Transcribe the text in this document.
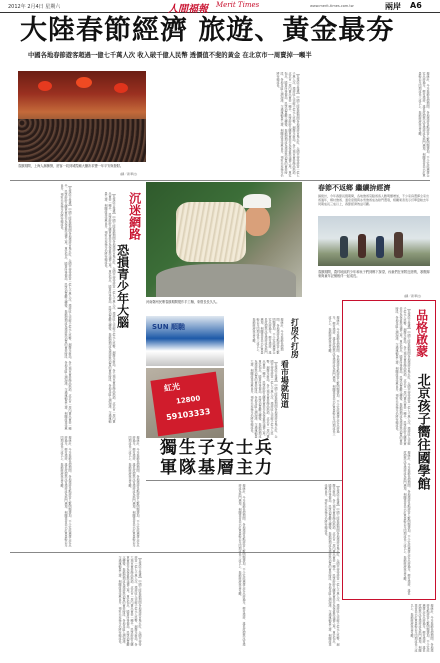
2012年 2月4日 星期六	人間福報 Merit Times	www.merit-times.com.tw	兩岸 A6
大陸春節經濟 旅遊、黃金最夯
中國各地春節遊客超過一億七千萬人次 收入破千億人民幣 透價值不斐的黃金 在北京市一周賣掉一噸半
春節期間，上海人潮擁擠，遊客一同到城隍廟大廳祈求豐一年平安與發財。
(翻／新華社)	【本報綜合報導】中國大陸春節期間各地旅遊市場火紅，全國共接待遊客一億七千萬人次，旅遊收入突破千億元人民幣，創歷年新高。各大城市黃金飾品熱銷，北京市一周內賣出黃金一噸半，民眾紛紛以購買黃金作為保值與送禮之用。專家指出，隨著所得提高，民眾消費觀念轉變，春節假期成為旅遊與消費的黃金時段，各地景區人潮洶湧，交通運輸量大增，相關產業受惠良多，預料未來幾年仍將持續成長。	據統計，今年春節長假期間，各地旅遊景點遊客人數明顯增加，不少家庭選擇全家出遊過年，鄉村旅遊、溫泉度假與冰雪旅遊成為熱門選項，相關業者表示訂單量較去年同期成長三成以上，春節經濟效益可觀。
【本報綜合報導】中國大陸春節期間各地旅遊市場火紅，全國共接待遊客一億七千萬人次，旅遊收入突破千億元人民幣，創歷年新高。各大城市黃金飾品熱銷，北京市一周內賣出黃金一噸半，民眾紛紛以購買黃金作為保值與送禮之用。專家指出，隨著所得提高，民眾消費觀念轉變，春節假期成為旅遊與消費的黃金時段，各地景區人潮洶湧，交通運輸量大增，相關產業受惠良多，預料未來幾年仍將持續成長。
據統計，今年春節長假期間，各地旅遊景點遊客人數明顯增加，不少家庭選擇全家出遊過年，鄉村旅遊、溫泉度假與冰雪旅遊成為熱門選項，相關業者表示訂單量較去年同期成長三成以上，春節經濟效益可觀。
【本報綜合報導】中國大陸春節期間各地旅遊市場火紅，全國共接待遊客一億七千萬人次，旅遊收入突破千億元人民幣，創歷年新高。各大城市黃金飾品熱銷，北京市一周內賣出黃金一噸半，民眾紛紛以購買黃金作為保值與送禮之用。專家指出，隨著所得提高，民眾消費觀念轉變，春節假期成為旅遊與消費的黃金時段，各地景區人潮洶湧，交通運輸量大增，相關產業受惠良多，預料未來幾年仍將持續成長。	沉迷網路
恐損青少年大腦
據統計，今年春節長假期間，各地旅遊景點遊客人數明顯增加，不少家庭選擇全家出遊過年，鄉村旅遊、溫泉度假與冰雪旅遊成為熱門選項，相關業者表示訂單量較去年同期成長三成以上，春節經濟效益可觀。
春節不返鄉 繼續拚經濟
據統計，今年春節長假期間，各地旅遊景點遊客人數明顯增加，不少家庭選擇全家出遊過年，鄉村旅遊、溫泉度假與冰雪旅遊成為熱門選項，相關業者表示訂單量較去年同期成長三成以上，春節經濟效益可觀。
春節期間，農村地區的少年和孩子們到鄉下探望，孩童們在家附近遊戲，寒假歸來與童年記憶相伴一起成長。
(翻／新華社)
河南鄭州民眾春節期間製作手工麵，象徵長長久久。
SUN 順馳
紅光
12800
59103333
據統計，今年春節長假期間，各地旅遊景點遊客人數明顯增加，不少家庭選擇全家出遊過年，鄉村旅遊、溫泉度假與冰雪旅遊成為熱門選項，相關業者表示訂單量較去年同期成長三成以上，春節經濟效益可觀。	打房不打房
看市場就知道
【本報綜合報導】中國大陸春節期間各地旅遊市場火紅，全國共接待遊客一億七千萬人次，旅遊收入突破千億元人民幣，創歷年新高。各大城市黃金飾品熱銷，北京市一周內賣出黃金一噸半，民眾紛紛以購買黃金作為保值與送禮之用。專家指出，隨著所得提高，民眾消費觀念轉變，春節假期成為旅遊與消費的黃金時段，各地景區人潮洶湧，交通運輸量大增，相關產業受惠良多，預料未來幾年仍將持續成長。	據統計，今年春節長假期間，各地旅遊景點遊客人數明顯增加，不少家庭選擇全家出遊過年，鄉村旅遊、溫泉度假與冰雪旅遊成為熱門選項，相關業者表示訂單量較去年同期成長三成以上，春節經濟效益可觀。
獨生子女士兵
軍隊基層主力
品格啟蒙
北京孩子嚮往國學館
【本報綜合報導】中國大陸春節期間各地旅遊市場火紅，全國共接待遊客一億七千萬人次，旅遊收入突破千億元人民幣，創歷年新高。各大城市黃金飾品熱銷，北京市一周內賣出黃金一噸半，民眾紛紛以購買黃金作為保值與送禮之用。專家指出，隨著所得提高，民眾消費觀念轉變，春節假期成為旅遊與消費的黃金時段，各地景區人潮洶湧，交通運輸量大增，相關產業受惠良多，預料未來幾年仍將持續成長。
據統計，今年春節長假期間，各地旅遊景點遊客人數明顯增加，不少家庭選擇全家出遊過年，鄉村旅遊、溫泉度假與冰雪旅遊成為熱門選項，相關業者表示訂單量較去年同期成長三成以上，春節經濟效益可觀。
【本報綜合報導】中國大陸春節期間各地旅遊市場火紅，全國共接待遊客一億七千萬人次，旅遊收入突破千億元人民幣，創歷年新高。各大城市黃金飾品熱銷，北京市一周內賣出黃金一噸半，民眾紛紛以購買黃金作為保值與送禮之用。專家指出，隨著所得提高，民眾消費觀念轉變，春節假期成為旅遊與消費的黃金時段，各地景區人潮洶湧，交通運輸量大增，相關產業受惠良多，預料未來幾年仍將持續成長。	據統計，今年春節長假期間，各地旅遊景點遊客人數明顯增加，不少家庭選擇全家出遊過年，鄉村旅遊、溫泉度假與冰雪旅遊成為熱門選項，相關業者表示訂單量較去年同期成長三成以上，春節經濟效益可觀。	【本報綜合報導】中國大陸春節期間各地旅遊市場火紅，全國共接待遊客一億七千萬人次，旅遊收入突破千億元人民幣，創歷年新高。各大城市黃金飾品熱銷，北京市一周內賣出黃金一噸半，民眾紛紛以購買黃金作為保值與送禮之用。專家指出，隨著所得提高，民眾消費觀念轉變，春節假期成為旅遊與消費的黃金時段，各地景區人潮洶湧，交通運輸量大增，相關產業受惠良多，預料未來幾年仍將持續成長。
據統計，今年春節長假期間，各地旅遊景點遊客人數明顯增加，不少家庭選擇全家出遊過年，鄉村旅遊、溫泉度假與冰雪旅遊成為熱門選項，相關業者表示訂單量較去年同期成長三成以上，春節經濟效益可觀。
